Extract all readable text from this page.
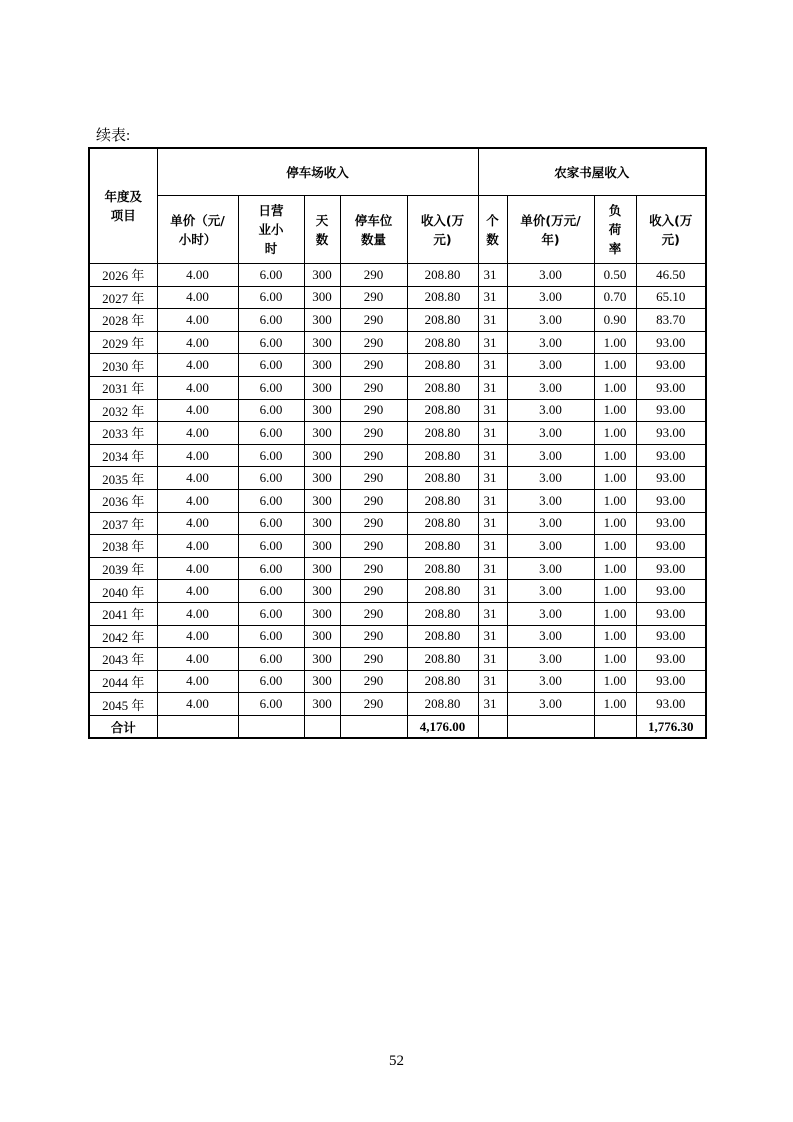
续表:
年度及项目	停车场收入					农家书屋收入			
	单价（元/小时）	日营业小时	天数	停车位数量	收入(万元)	个数	单价(万元/年)	负荷率	收入(万元)
2026 年	4.00	6.00	300	290	208.80	31	3.00	0.50	46.50
2027 年	4.00	6.00	300	290	208.80	31	3.00	0.70	65.10
2028 年	4.00	6.00	300	290	208.80	31	3.00	0.90	83.70
2029 年	4.00	6.00	300	290	208.80	31	3.00	1.00	93.00
2030 年	4.00	6.00	300	290	208.80	31	3.00	1.00	93.00
2031 年	4.00	6.00	300	290	208.80	31	3.00	1.00	93.00
2032 年	4.00	6.00	300	290	208.80	31	3.00	1.00	93.00
2033 年	4.00	6.00	300	290	208.80	31	3.00	1.00	93.00
2034 年	4.00	6.00	300	290	208.80	31	3.00	1.00	93.00
2035 年	4.00	6.00	300	290	208.80	31	3.00	1.00	93.00
2036 年	4.00	6.00	300	290	208.80	31	3.00	1.00	93.00
2037 年	4.00	6.00	300	290	208.80	31	3.00	1.00	93.00
2038 年	4.00	6.00	300	290	208.80	31	3.00	1.00	93.00
2039 年	4.00	6.00	300	290	208.80	31	3.00	1.00	93.00
2040 年	4.00	6.00	300	290	208.80	31	3.00	1.00	93.00
2041 年	4.00	6.00	300	290	208.80	31	3.00	1.00	93.00
2042 年	4.00	6.00	300	290	208.80	31	3.00	1.00	93.00
2043 年	4.00	6.00	300	290	208.80	31	3.00	1.00	93.00
2044 年	4.00	6.00	300	290	208.80	31	3.00	1.00	93.00
2045 年	4.00	6.00	300	290	208.80	31	3.00	1.00	93.00
合计					4,176.00				1,776.30
52
